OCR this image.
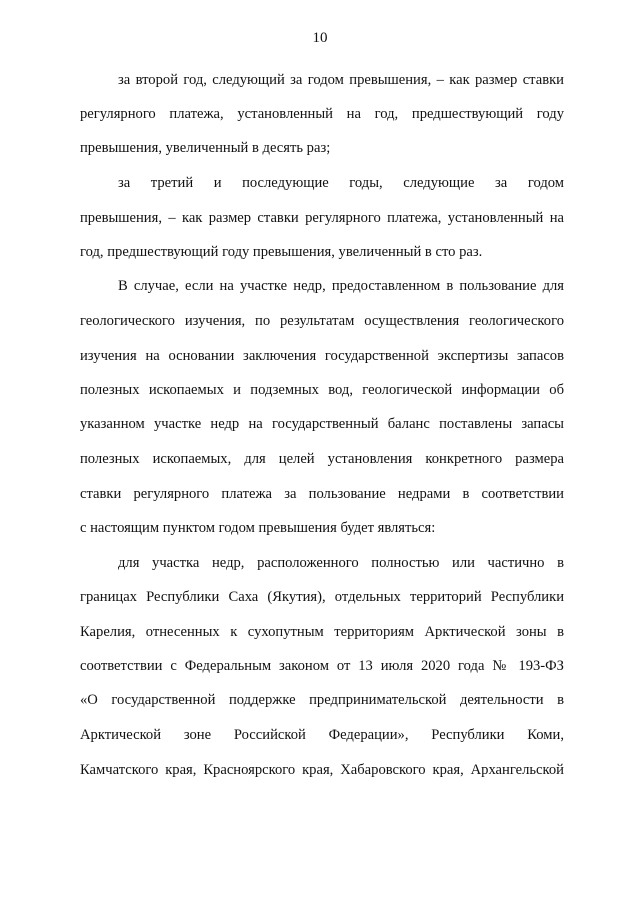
10
за второй год, следующий за годом превышения, – как размер ставки
регулярного платежа, установленный на год, предшествующий году
превышения, увеличенный в десять раз;
за третий и последующие годы, следующие за годом
превышения, – как размер ставки регулярного платежа, установленный на
год, предшествующий году превышения, увеличенный в сто раз.
В случае, если на участке недр, предоставленном в пользование для
геологического изучения, по результатам осуществления геологического
изучения на основании заключения государственной экспертизы запасов
полезных ископаемых и подземных вод, геологической информации об
указанном участке недр на государственный баланс поставлены запасы
полезных ископаемых, для целей установления конкретного размера
ставки регулярного платежа за пользование недрами в соответствии
с настоящим пунктом годом превышения будет являться:
для участка недр, расположенного полностью или частично в
границах Республики Саха (Якутия), отдельных территорий Республики
Карелия, отнесенных к сухопутным территориям Арктической зоны в
соответствии с Федеральным законом от 13 июля 2020 года № 193-ФЗ
«О государственной поддержке предпринимательской деятельности в
Арктической зоне Российской Федерации», Республики Коми,
Камчатского края, Красноярского края, Хабаровского края, Архангельской
